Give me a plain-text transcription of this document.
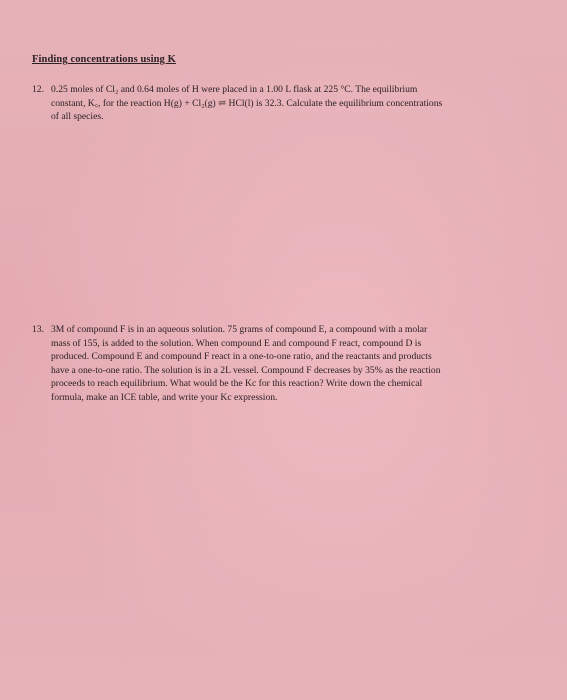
Finding concentrations using K
12. 0.25 moles of Cl₂ and 0.64 moles of H were placed in a 1.00 L flask at 225 °C. The equilibrium
constant, K꜀, for the reaction H(g) + Cl₂(g) ⇌ HCl(l) is 32.3. Calculate the equilibrium concentrations
of all species.
13. 3M of compound F is in an aqueous solution. 75 grams of compound E, a compound with a molar
mass of 155, is added to the solution. When compound E and compound F react, compound D is
produced. Compound E and compound F react in a one-to-one ratio, and the reactants and products
have a one-to-one ratio. The solution is in a 2L vessel. Compound F decreases by 35% as the reaction
proceeds to reach equilibrium. What would be the Kc for this reaction? Write down the chemical
formula, make an ICE table, and write your Kc expression.
